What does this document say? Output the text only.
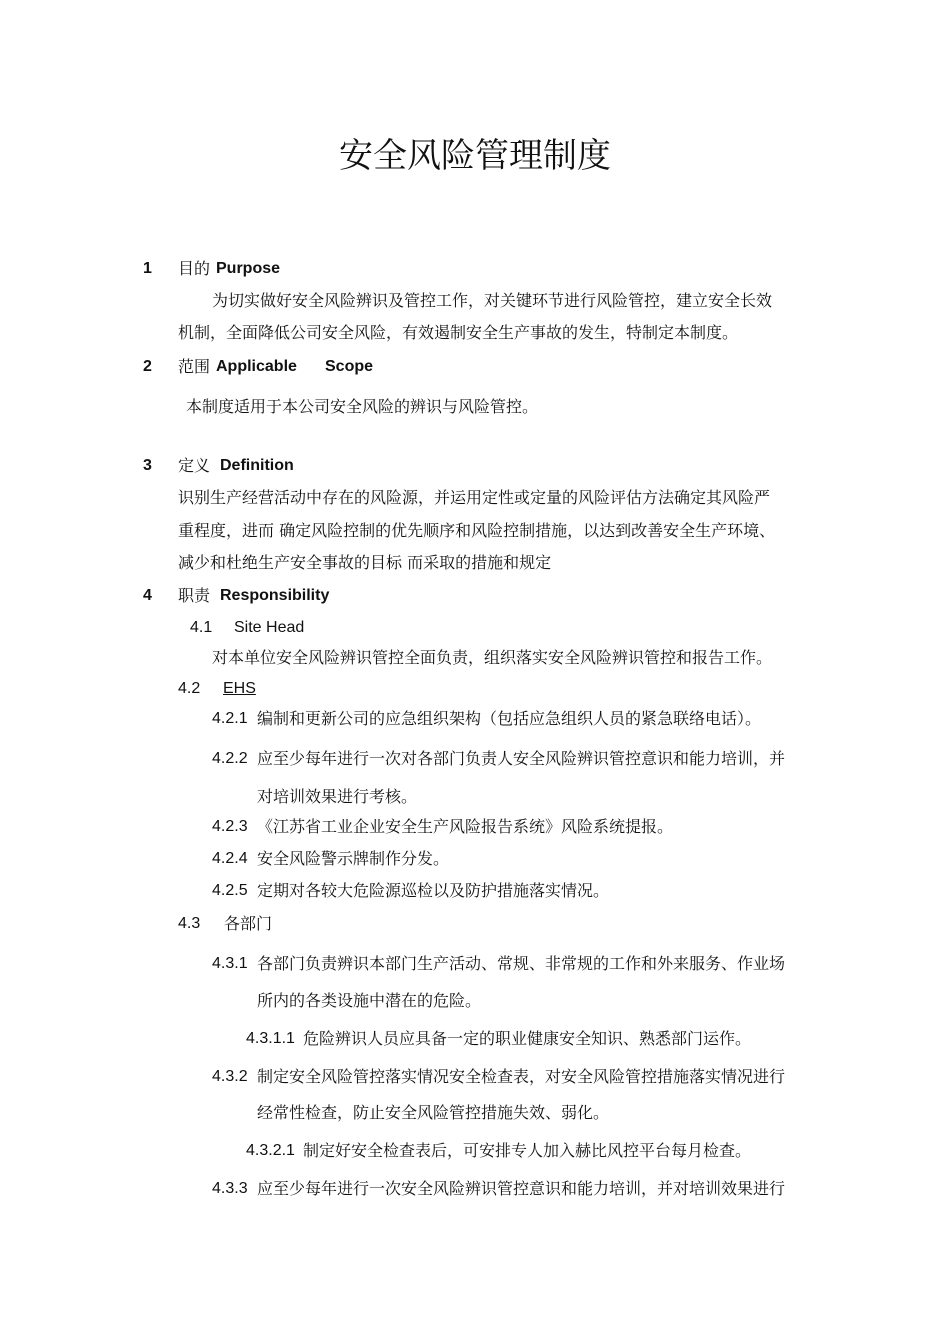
安全风险管理制度
1 目的 Purpose
为切实做好安全风险辨识及管控工作，对关键环节进行风险管控，建立安全长效
机制，全面降低公司安全风险，有效遏制安全生产事故的发生，特制定本制度。
2 范围 Applicable Scope
本制度适用于本公司安全风险的辨识与风险管控。
3 定义 Definition
识别生产经营活动中存在的风险源，并运用定性或定量的风险评估方法确定其风险严
重程度，进而 确定风险控制的优先顺序和风险控制措施，以达到改善安全生产环境、
减少和杜绝生产安全事故的目标 而采取的措施和规定
4 职责 Responsibility
4.1 Site Head
对本单位安全风险辨识管控全面负责，组织落实安全风险辨识管控和报告工作。
4.2 EHS
4.2.1 编制和更新公司的应急组织架构（包括应急组织人员的紧急联络电话）。
4.2.2 应至少每年进行一次对各部门负责人安全风险辨识管控意识和能力培训，并
对培训效果进行考核。
4.2.3 《江苏省工业企业安全生产风险报告系统》风险系统提报。
4.2.4 安全风险警示牌制作分发。
4.2.5 定期对各较大危险源巡检以及防护措施落实情况。
4.3 各部门
4.3.1 各部门负责辨识本部门生产活动、常规、非常规的工作和外来服务、作业场
所内的各类设施中潜在的危险。
4.3.1.1 危险辨识人员应具备一定的职业健康安全知识、熟悉部门运作。
4.3.2 制定安全风险管控落实情况安全检查表，对安全风险管控措施落实情况进行
经常性检查，防止安全风险管控措施失效、弱化。
4.3.2.1 制定好安全检查表后，可安排专人加入赫比风控平台每月检查。
4.3.3 应至少每年进行一次安全风险辨识管控意识和能力培训，并对培训效果进行
